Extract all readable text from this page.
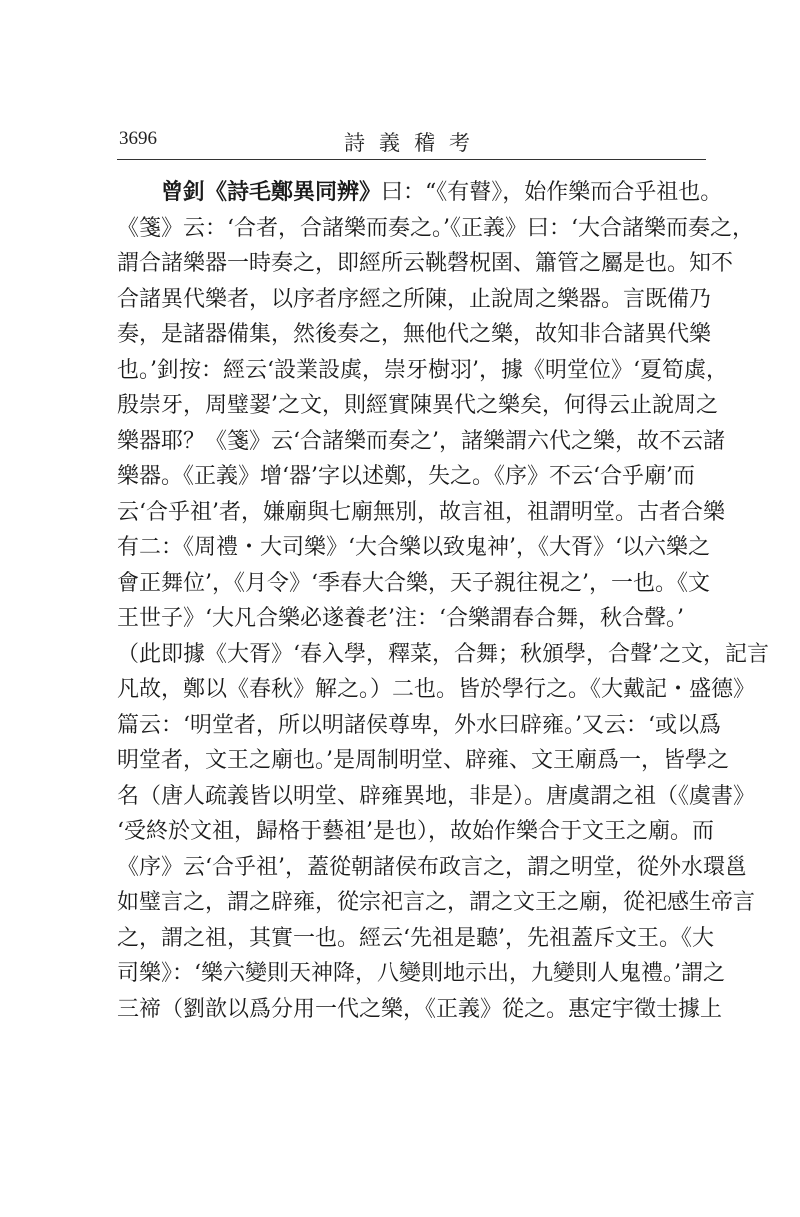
3696	詩義稽考
曾釗《詩毛鄭異同辨》曰：“《有瞽》，始作樂而合乎祖也。
《箋》云：‘合者，合諸樂而奏之。’《正義》曰：‘大合諸樂而奏之，
謂合諸樂器一時奏之，即經所云鞉磬柷圉、簫管之屬是也。知不
合諸異代樂者，以序者序經之所陳，止說周之樂器。言既備乃
奏，是諸器備集，然後奏之，無他代之樂，故知非合諸異代樂
也。’釗按：經云‘設業設虡，崇牙樹羽’，據《明堂位》‘夏筍虡，
殷崇牙，周璧翣’之文，則經實陳異代之樂矣，何得云止說周之
樂器耶？《箋》云‘合諸樂而奏之’，諸樂謂六代之樂，故不云諸
樂器。《正義》增‘器’字以述鄭，失之。《序》不云‘合乎廟’而
云‘合乎祖’者，嫌廟與七廟無別，故言祖，祖謂明堂。古者合樂
有二：《周禮・大司樂》‘大合樂以致鬼神’，《大胥》‘以六樂之
會正舞位’，《月令》‘季春大合樂，天子親往視之’，一也。《文
王世子》‘大凡合樂必遂養老’注：‘合樂謂春合舞，秋合聲。’
（此即據《大胥》‘春入學，釋菜，合舞；秋頒學，合聲’之文，記言
凡故，鄭以《春秋》解之。）二也。皆於學行之。《大戴記・盛德》
篇云：‘明堂者，所以明諸侯尊卑，外水曰辟雍。’又云：‘或以爲
明堂者，文王之廟也。’是周制明堂、辟雍、文王廟爲一，皆學之
名（唐人疏義皆以明堂、辟雍異地，非是）。唐虞謂之祖（《虞書》
‘受終於文祖，歸格于藝祖’是也），故始作樂合于文王之廟。而
《序》云‘合乎祖’，蓋從朝諸侯布政言之，謂之明堂，從外水環邕
如璧言之，謂之辟雍，從宗祀言之，謂之文王之廟，從祀感生帝言
之，謂之祖，其實一也。經云‘先祖是聽’，先祖蓋斥文王。《大
司樂》：‘樂六變則天神降，八變則地示出，九變則人鬼禮。’謂之
三禘（劉歆以爲分用一代之樂，《正義》從之。惠定宇徵士據上
